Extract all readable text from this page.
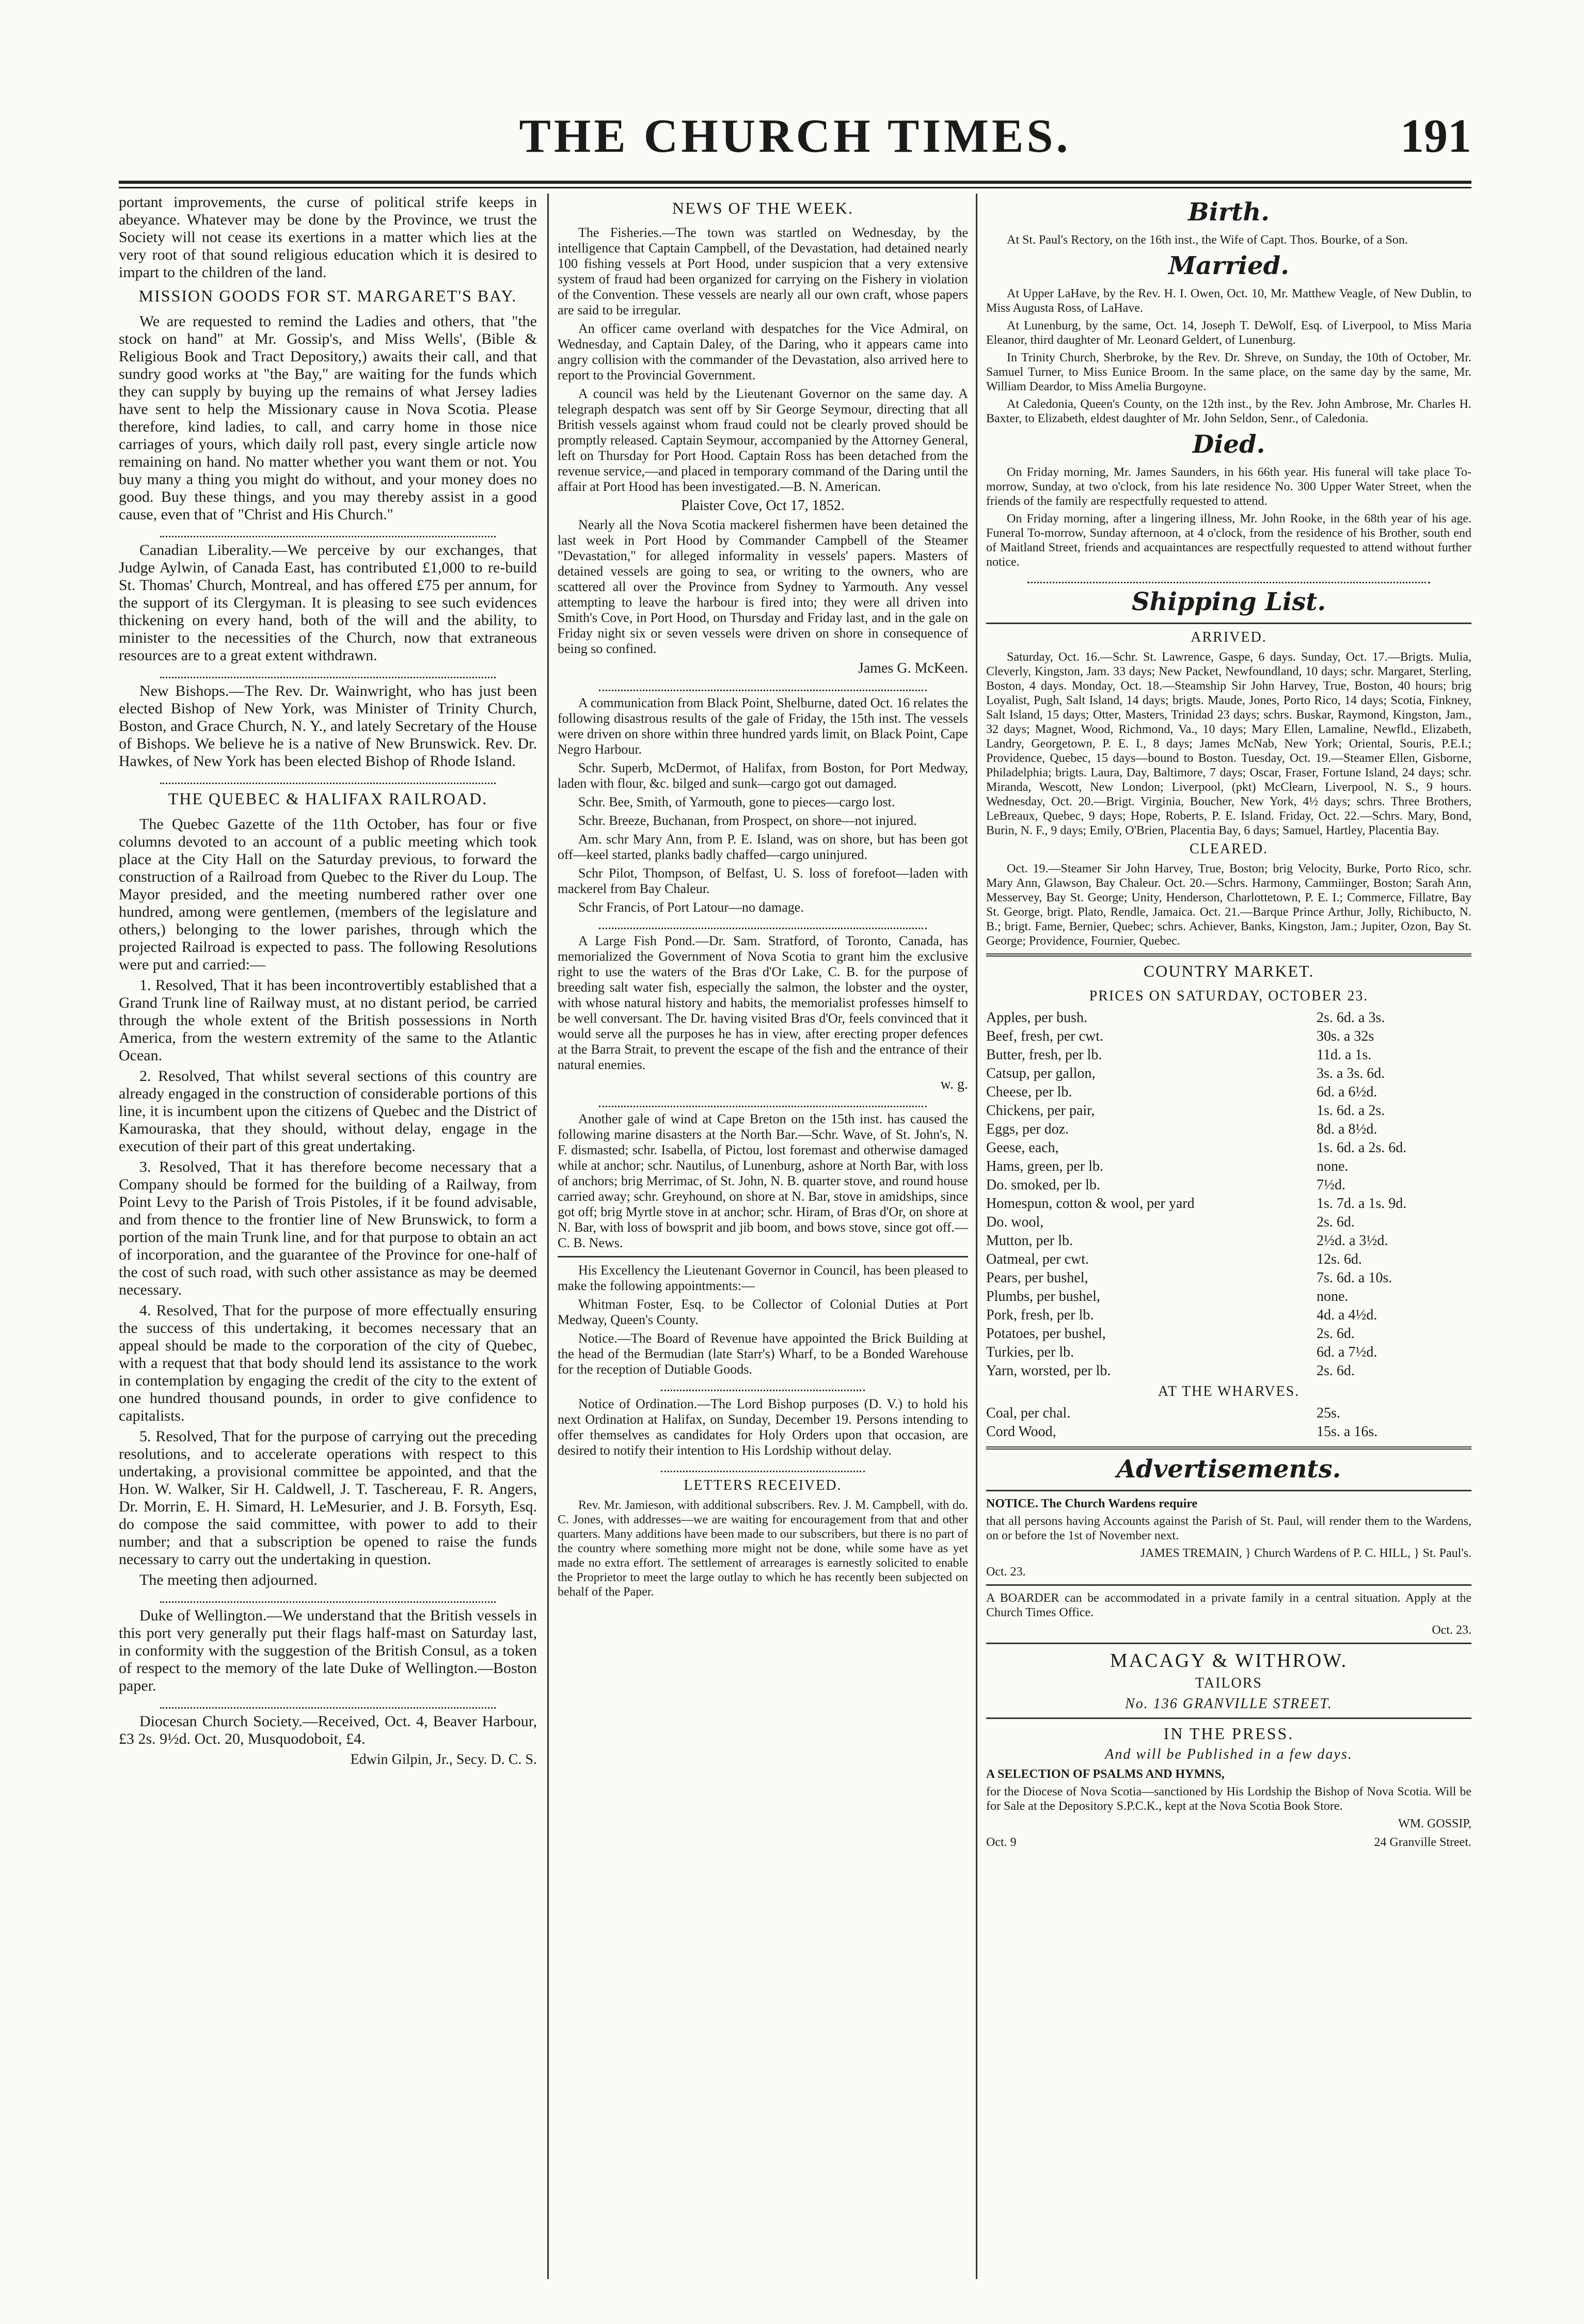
THE CHURCH TIMES.	191

portant improvements, the curse of political strife keeps in abeyance. Whatever may be done by the Province, we trust the Society will not cease its exertions in a matter which lies at the very root of that sound religious education which it is desired to impart to the children of the land.

MISSION GOODS FOR ST. MARGARET'S BAY.

We are requested to remind the Ladies and others, that "the stock on hand" at Mr. Gossip's, and Miss Wells', (Bible & Religious Book and Tract Depository,) awaits their call, and that sundry good works at "the Bay," are waiting for the funds which they can supply by buying up the remains of what Jersey ladies have sent to help the Missionary cause in Nova Scotia. Please therefore, kind ladies, to call, and carry home in those nice carriages of yours, which daily roll past, every single article now remaining on hand. No matter whether you want them or not. You buy many a thing you might do without, and your money does no good. Buy these things, and you may thereby assist in a good cause, even that of "Christ and His Church."

Canadian Liberality.—We perceive by our exchanges, that Judge Aylwin, of Canada East, has contributed £1,000 to re-build St. Thomas' Church, Montreal, and has offered £75 per annum, for the support of its Clergyman. It is pleasing to see such evidences thickening on every hand, both of the will and the ability, to minister to the necessities of the Church, now that extraneous resources are to a great extent withdrawn.

New Bishops.—The Rev. Dr. Wainwright, who has just been elected Bishop of New York, was Minister of Trinity Church, Boston, and Grace Church, N. Y., and lately Secretary of the House of Bishops. We believe he is a native of New Brunswick. Rev. Dr. Hawkes, of New York has been elected Bishop of Rhode Island.

THE QUEBEC & HALIFAX RAILROAD.

The Quebec Gazette of the 11th October, has four or five columns devoted to an account of a public meeting which took place at the City Hall on the Saturday previous, to forward the construction of a Railroad from Quebec to the River du Loup. The Mayor presided, and the meeting numbered rather over one hundred, among were gentlemen, (members of the legislature and others,) belonging to the lower parishes, through which the projected Railroad is expected to pass. The following Resolutions were put and carried:—

1. Resolved, That it has been incontrovertibly established that a Grand Trunk line of Railway must, at no distant period, be carried through the whole extent of the British possessions in North America, from the western extremity of the same to the Atlantic Ocean.

2. Resolved, That whilst several sections of this country are already engaged in the construction of considerable portions of this line, it is incumbent upon the citizens of Quebec and the District of Kamouraska, that they should, without delay, engage in the execution of their part of this great undertaking.

3. Resolved, That it has therefore become necessary that a Company should be formed for the building of a Railway, from Point Levy to the Parish of Trois Pistoles, if it be found advisable, and from thence to the frontier line of New Brunswick, to form a portion of the main Trunk line, and for that purpose to obtain an act of incorporation, and the guarantee of the Province for one-half of the cost of such road, with such other assistance as may be deemed necessary.

4. Resolved, That for the purpose of more effectually ensuring the success of this undertaking, it becomes necessary that an appeal should be made to the corporation of the city of Quebec, with a request that that body should lend its assistance to the work in contemplation by engaging the credit of the city to the extent of one hundred thousand pounds, in order to give confidence to capitalists.

5. Resolved, That for the purpose of carrying out the preceding resolutions, and to accelerate operations with respect to this undertaking, a provisional committee be appointed, and that the Hon. W. Walker, Sir H. Caldwell, J. T. Taschereau, F. R. Angers, Dr. Morrin, E. H. Simard, H. LeMesurier, and J. B. Forsyth, Esq. do compose the said committee, with power to add to their number; and that a subscription be opened to raise the funds necessary to carry out the undertaking in question.

The meeting then adjourned.

Duke of Wellington.—We understand that the British vessels in this port very generally put their flags half-mast on Saturday last, in conformity with the suggestion of the British Consul, as a token of respect to the memory of the late Duke of Wellington.—Boston paper.

Diocesan Church Society.—Received, Oct. 4, Beaver Harbour, £3 2s. 9½d. Oct. 20, Musquodoboit, £4.

Edwin Gilpin, Jr., Secy. D. C. S.

NEWS OF THE WEEK.

The Fisheries.—The town was startled on Wednesday, by the intelligence that Captain Campbell, of the Devastation, had detained nearly 100 fishing vessels at Port Hood, under suspicion that a very extensive system of fraud had been organized for carrying on the Fishery in violation of the Convention. These vessels are nearly all our own craft, whose papers are said to be irregular.

An officer came overland with despatches for the Vice Admiral, on Wednesday, and Captain Daley, of the Daring, who it appears came into angry collision with the commander of the Devastation, also arrived here to report to the Provincial Government.

A council was held by the Lieutenant Governor on the same day. A telegraph despatch was sent off by Sir George Seymour, directing that all British vessels against whom fraud could not be clearly proved should be promptly released. Captain Seymour, accompanied by the Attorney General, left on Thursday for Port Hood. Captain Ross has been detached from the revenue service,—and placed in temporary command of the Daring until the affair at Port Hood has been investigated.—B. N. American.

Plaister Cove, Oct 17, 1852.

Nearly all the Nova Scotia mackerel fishermen have been detained the last week in Port Hood by Commander Campbell of the Steamer "Devastation," for alleged informality in vessels' papers. Masters of detained vessels are going to sea, or writing to the owners, who are scattered all over the Province from Sydney to Yarmouth. Any vessel attempting to leave the harbour is fired into; they were all driven into Smith's Cove, in Port Hood, on Thursday and Friday last, and in the gale on Friday night six or seven vessels were driven on shore in consequence of being so confined.

James G. McKeen.

A communication from Black Point, Shelburne, dated Oct. 16 relates the following disastrous results of the gale of Friday, the 15th inst. The vessels were driven on shore within three hundred yards limit, on Black Point, Cape Negro Harbour.

Schr. Superb, McDermot, of Halifax, from Boston, for Port Medway, laden with flour, &c. bilged and sunk—cargo got out damaged.

Schr. Bee, Smith, of Yarmouth, gone to pieces—cargo lost.

Schr. Breeze, Buchanan, from Prospect, on shore—not injured.

Am. schr Mary Ann, from P. E. Island, was on shore, but has been got off—keel started, planks badly chaffed—cargo uninjured.

Schr Pilot, Thompson, of Belfast, U. S. loss of forefoot—laden with mackerel from Bay Chaleur.

Schr Francis, of Port Latour—no damage.

A Large Fish Pond.—Dr. Sam. Stratford, of Toronto, Canada, has memorialized the Government of Nova Scotia to grant him the exclusive right to use the waters of the Bras d'Or Lake, C. B. for the purpose of breeding salt water fish, especially the salmon, the lobster and the oyster, with whose natural history and habits, the memorialist professes himself to be well conversant. The Dr. having visited Bras d'Or, feels convinced that it would serve all the purposes he has in view, after erecting proper defences at the Barra Strait, to prevent the escape of the fish and the entrance of their natural enemies.

w. g.

Another gale of wind at Cape Breton on the 15th inst. has caused the following marine disasters at the North Bar.—Schr. Wave, of St. John's, N. F. dismasted; schr. Isabella, of Pictou, lost foremast and otherwise damaged while at anchor; schr. Nautilus, of Lunenburg, ashore at North Bar, with loss of anchors; brig Merrimac, of St. John, N. B. quarter stove, and round house carried away; schr. Greyhound, on shore at N. Bar, stove in amidships, since got off; brig Myrtle stove in at anchor; schr. Hiram, of Bras d'Or, on shore at N. Bar, with loss of bowsprit and jib boom, and bows stove, since got off.—C. B. News.

His Excellency the Lieutenant Governor in Council, has been pleased to make the following appointments:—

Whitman Foster, Esq. to be Collector of Colonial Duties at Port Medway, Queen's County.

Notice.—The Board of Revenue have appointed the Brick Building at the head of the Bermudian (late Starr's) Wharf, to be a Bonded Warehouse for the reception of Dutiable Goods.

Notice of Ordination.—The Lord Bishop purposes (D. V.) to hold his next Ordination at Halifax, on Sunday, December 19. Persons intending to offer themselves as candidates for Holy Orders upon that occasion, are desired to notify their intention to His Lordship without delay.

LETTERS RECEIVED.

Rev. Mr. Jamieson, with additional subscribers. Rev. J. M. Campbell, with do. C. Jones, with addresses—we are waiting for encouragement from that and other quarters. Many additions have been made to our subscribers, but there is no part of the country where something more might not be done, while some have as yet made no extra effort. The settlement of arrearages is earnestly solicited to enable the Proprietor to meet the large outlay to which he has recently been subjected on behalf of the Paper.

Birth.

At St. Paul's Rectory, on the 16th inst., the Wife of Capt. Thos. Bourke, of a Son.

Married.

At Upper LaHave, by the Rev. H. I. Owen, Oct. 10, Mr. Matthew Veagle, of New Dublin, to Miss Augusta Ross, of LaHave.

At Lunenburg, by the same, Oct. 14, Joseph T. DeWolf, Esq. of Liverpool, to Miss Maria Eleanor, third daughter of Mr. Leonard Geldert, of Lunenburg.

In Trinity Church, Sherbroke, by the Rev. Dr. Shreve, on Sunday, the 10th of October, Mr. Samuel Turner, to Miss Eunice Broom. In the same place, on the same day by the same, Mr. William Deardor, to Miss Amelia Burgoyne.

At Caledonia, Queen's County, on the 12th inst., by the Rev. John Ambrose, Mr. Charles H. Baxter, to Elizabeth, eldest daughter of Mr. John Seldon, Senr., of Caledonia.

Died.

On Friday morning, Mr. James Saunders, in his 66th year. His funeral will take place To-morrow, Sunday, at two o'clock, from his late residence No. 300 Upper Water Street, when the friends of the family are respectfully requested to attend.

On Friday morning, after a lingering illness, Mr. John Rooke, in the 68th year of his age. Funeral To-morrow, Sunday afternoon, at 4 o'clock, from the residence of his Brother, south end of Maitland Street, friends and acquaintances are respectfully requested to attend without further notice.

Shipping List.
ARRIVED.

Saturday, Oct. 16.—Schr. St. Lawrence, Gaspe, 6 days. Sunday, Oct. 17.—Brigts. Mulia, Cleverly, Kingston, Jam. 33 days; New Packet, Newfoundland, 10 days; schr. Margaret, Sterling, Boston, 4 days. Monday, Oct. 18.—Steamship Sir John Harvey, True, Boston, 40 hours; brig Loyalist, Pugh, Salt Island, 14 days; brigts. Maude, Jones, Porto Rico, 14 days; Scotia, Finkney, Salt Island, 15 days; Otter, Masters, Trinidad 23 days; schrs. Buskar, Raymond, Kingston, Jam., 32 days; Magnet, Wood, Richmond, Va., 10 days; Mary Ellen, Lamaline, Newfld., Elizabeth, Landry, Georgetown, P. E. I., 8 days; James McNab, New York; Oriental, Souris, P.E.I.; Providence, Quebec, 15 days—bound to Boston. Tuesday, Oct. 19.—Steamer Ellen, Gisborne, Philadelphia; brigts. Laura, Day, Baltimore, 7 days; Oscar, Fraser, Fortune Island, 24 days; schr. Miranda, Wescott, New London; Liverpool, (pkt) McClearn, Liverpool, N. S., 9 hours. Wednesday, Oct. 20.—Brigt. Virginia, Boucher, New York, 4½ days; schrs. Three Brothers, LeBreaux, Quebec, 9 days; Hope, Roberts, P. E. Island. Friday, Oct. 22.—Schrs. Mary, Bond, Burin, N. F., 9 days; Emily, O'Brien, Placentia Bay, 6 days; Samuel, Hartley, Placentia Bay.

CLEARED.

Oct. 19.—Steamer Sir John Harvey, True, Boston; brig Velocity, Burke, Porto Rico, schr. Mary Ann, Glawson, Bay Chaleur. Oct. 20.—Schrs. Harmony, Cammiinger, Boston; Sarah Ann, Messervey, Bay St. George; Unity, Henderson, Charlottetown, P. E. I.; Commerce, Fillatre, Bay St. George, brigt. Plato, Rendle, Jamaica. Oct. 21.—Barque Prince Arthur, Jolly, Richibucto, N. B.; brigt. Fame, Bernier, Quebec; schrs. Achiever, Banks, Kingston, Jam.; Jupiter, Ozon, Bay St. George; Providence, Fournier, Quebec.

COUNTRY MARKET.
PRICES ON SATURDAY, OCTOBER 23.
Apples, per bush.	2s. 6d. a 3s.
Beef, fresh, per cwt.	30s. a 32s
Butter, fresh, per lb.	11d. a 1s.
Catsup, per gallon,	3s. a 3s. 6d.
Cheese, per lb.	6d. a 6½d.
Chickens, per pair,	1s. 6d. a 2s.
Eggs, per doz.	8d. a 8½d.
Geese, each,	1s. 6d. a 2s. 6d.
Hams, green, per lb.	none.
Do. smoked, per lb.	7½d.
Homespun, cotton & wool, per yard	1s. 7d. a 1s. 9d.
Do. wool,	2s. 6d.
Mutton, per lb.	2½d. a 3½d.
Oatmeal, per cwt.	12s. 6d.
Pears, per bushel,	7s. 6d. a 10s.
Plumbs, per bushel,	none.
Pork, fresh, per lb.	4d. a 4½d.
Potatoes, per bushel,	2s. 6d.
Turkies, per lb.	6d. a 7½d.
Yarn, worsted, per lb.	2s. 6d.
AT THE WHARVES.
Coal, per chal.	25s.
Cord Wood,	15s. a 16s.
Advertisements.

NOTICE. The Church Wardens require

that all persons having Accounts against the Parish of St. Paul, will render them to the Wardens, on or before the 1st of November next.

JAMES TREMAIN, } Church Wardens of P. C. HILL, } St. Paul's.

Oct. 23.

A BOARDER can be accommodated in a private family in a central situation. Apply at the Church Times Office.

Oct. 23.

MACAGY & WITHROW.
TAILORS
No. 136 GRANVILLE STREET.
IN THE PRESS.
And will be Published in a few days.

A SELECTION OF PSALMS AND HYMNS,

for the Diocese of Nova Scotia—sanctioned by His Lordship the Bishop of Nova Scotia. Will be for Sale at the Depository S.P.C.K., kept at the Nova Scotia Book Store.

WM. GOSSIP,

Oct. 9	24 Granville Street.
